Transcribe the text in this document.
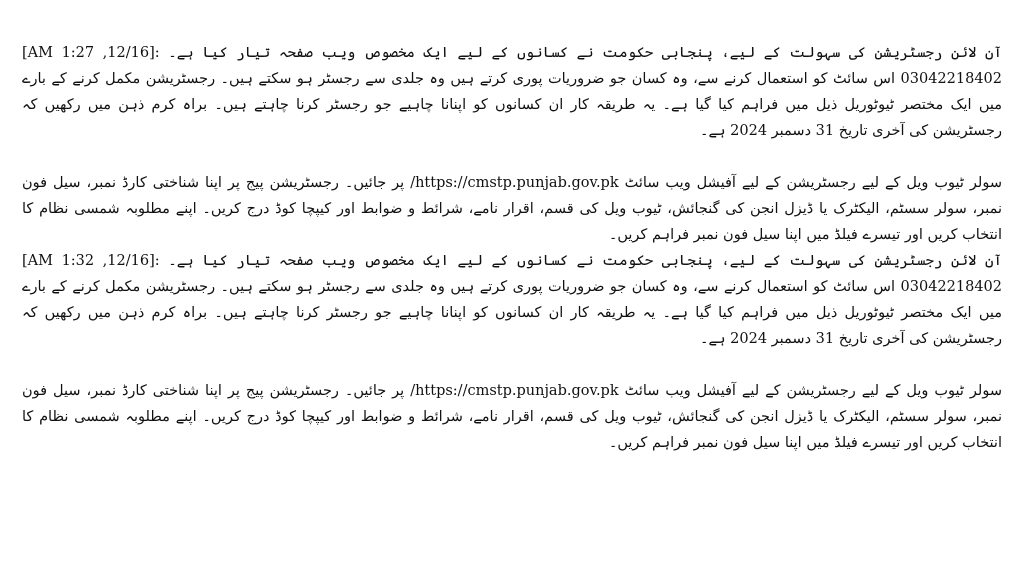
آن لائن رجسٹریشن کی سہولت کے لیے، پنجابی حکومت نے کسانوں کے لیے ایک مخصوص ویب صفحہ تیار کیا ہے۔ :[12/16, 1:27 AM] 03042218402 اس سائٹ کو استعمال کرنے سے، وہ کسان جو ضروریات پوری کرتے ہیں وہ جلدی سے رجسٹر ہو سکتے ہیں۔ رجسٹریشن مکمل کرنے کے بارے میں ایک مختصر ٹیوٹوریل ذیل میں فراہم کیا گیا ہے۔ یہ طریقہ کار ان کسانوں کو اپنانا چاہیے جو رجسٹر کرنا چاہتے ہیں۔ براہ کرم ذہن میں رکھیں کہ رجسٹریشن کی آخری تاریخ 31 دسمبر 2024 ہے۔

سولر ٹیوب ویل کے لیے رجسٹریشن کے لیے آفیشل ویب سائٹ https://cmstp.punjab.gov.pk/ پر جائیں۔ رجسٹریشن پیج پر اپنا شناختی کارڈ نمبر، سیل فون نمبر، سولر سسٹم، الیکٹرک یا ڈیزل انجن کی گنجائش، ٹیوب ویل کی قسم، اقرار نامے، شرائط و ضوابط اور کیپچا کوڈ درج کریں۔ اپنے مطلوبہ شمسی نظام کا انتخاب کریں اور تیسرے فیلڈ میں اپنا سیل فون نمبر فراہم کریں۔

آن لائن رجسٹریشن کی سہولت کے لیے، پنجابی حکومت نے کسانوں کے لیے ایک مخصوص ویب صفحہ تیار کیا ہے۔ :[12/16, 1:32 AM] 03042218402 اس سائٹ کو استعمال کرنے سے، وہ کسان جو ضروریات پوری کرتے ہیں وہ جلدی سے رجسٹر ہو سکتے ہیں۔ رجسٹریشن مکمل کرنے کے بارے میں ایک مختصر ٹیوٹوریل ذیل میں فراہم کیا گیا ہے۔ یہ طریقہ کار ان کسانوں کو اپنانا چاہیے جو رجسٹر کرنا چاہتے ہیں۔ براہ کرم ذہن میں رکھیں کہ رجسٹریشن کی آخری تاریخ 31 دسمبر 2024 ہے۔

سولر ٹیوب ویل کے لیے رجسٹریشن کے لیے آفیشل ویب سائٹ https://cmstp.punjab.gov.pk/ پر جائیں۔ رجسٹریشن پیج پر اپنا شناختی کارڈ نمبر، سیل فون نمبر، سولر سسٹم، الیکٹرک یا ڈیزل انجن کی گنجائش، ٹیوب ویل کی قسم، اقرار نامے، شرائط و ضوابط اور کیپچا کوڈ درج کریں۔ اپنے مطلوبہ شمسی نظام کا انتخاب کریں اور تیسرے فیلڈ میں اپنا سیل فون نمبر فراہم کریں۔
